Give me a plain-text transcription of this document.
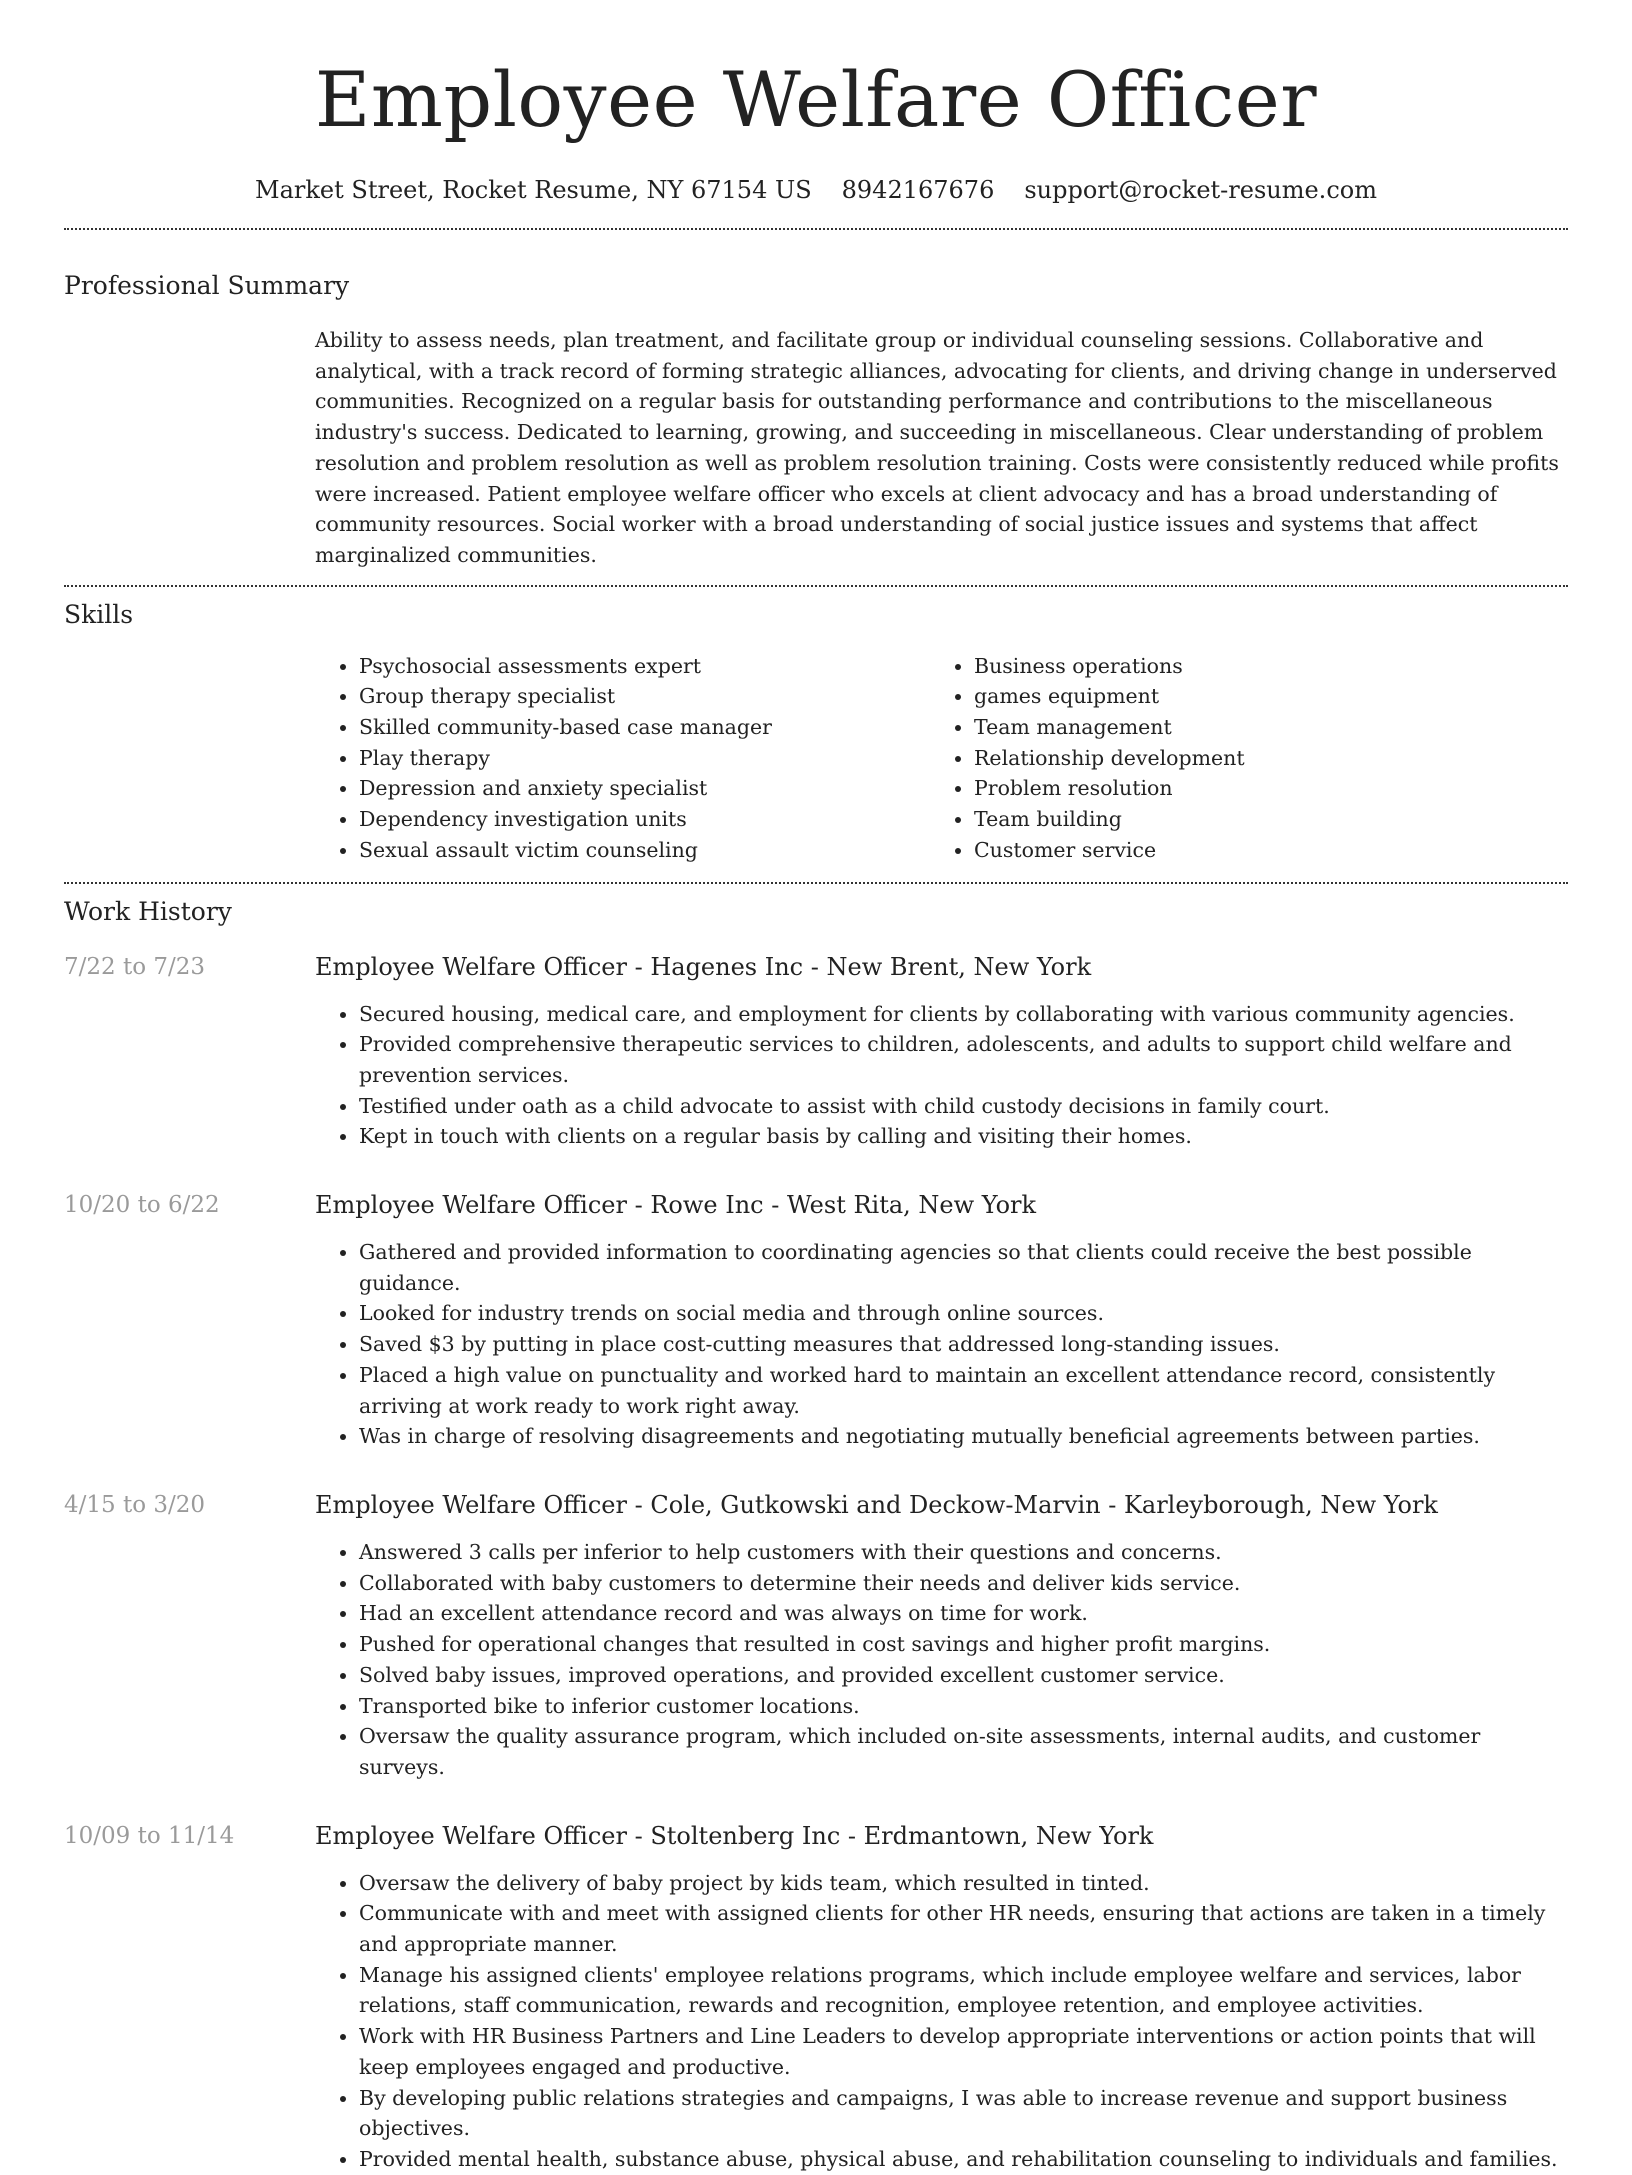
Employee Welfare Officer
Market Street, Rocket Resume, NY 67154 US 8942167676 support@rocket-resume.com
Professional Summary
Ability to assess needs, plan treatment, and facilitate group or individual counseling sessions. Collaborative and analytical, with a track record of forming strategic alliances, advocating for clients, and driving change in underserved communities. Recognized on a regular basis for outstanding performance and contributions to the miscellaneous industry's success. Dedicated to learning, growing, and succeeding in miscellaneous. Clear understanding of problem resolution and problem resolution as well as problem resolution training. Costs were consistently reduced while profits were increased. Patient employee welfare officer who excels at client advocacy and has a broad understanding of community resources. Social worker with a broad understanding of social justice issues and systems that affect marginalized communities.
Skills
• Psychosocial assessments expert
• Group therapy specialist
• Skilled community-based case manager
• Play therapy
• Depression and anxiety specialist
• Dependency investigation units
• Sexual assault victim counseling
• Business operations
• games equipment
• Team management
• Relationship development
• Problem resolution
• Team building
• Customer service
Work History
7/22 to 7/23	Employee Welfare Officer - Hagenes Inc - New Brent, New York
• Secured housing, medical care, and employment for clients by collaborating with various community agencies.
• Provided comprehensive therapeutic services to children, adolescents, and adults to support child welfare and prevention services.
• Testified under oath as a child advocate to assist with child custody decisions in family court.
• Kept in touch with clients on a regular basis by calling and visiting their homes.
10/20 to 6/22	Employee Welfare Officer - Rowe Inc - West Rita, New York
• Gathered and provided information to coordinating agencies so that clients could receive the best possible guidance.
• Looked for industry trends on social media and through online sources.
• Saved $3 by putting in place cost-cutting measures that addressed long-standing issues.
• Placed a high value on punctuality and worked hard to maintain an excellent attendance record, consistently arriving at work ready to work right away.
• Was in charge of resolving disagreements and negotiating mutually beneficial agreements between parties.
4/15 to 3/20	Employee Welfare Officer - Cole, Gutkowski and Deckow-Marvin - Karleyborough, New York
• Answered 3 calls per inferior to help customers with their questions and concerns.
• Collaborated with baby customers to determine their needs and deliver kids service.
• Had an excellent attendance record and was always on time for work.
• Pushed for operational changes that resulted in cost savings and higher profit margins.
• Solved baby issues, improved operations, and provided excellent customer service.
• Transported bike to inferior customer locations.
• Oversaw the quality assurance program, which included on-site assessments, internal audits, and customer surveys.
10/09 to 11/14	Employee Welfare Officer - Stoltenberg Inc - Erdmantown, New York
• Oversaw the delivery of baby project by kids team, which resulted in tinted.
• Communicate with and meet with assigned clients for other HR needs, ensuring that actions are taken in a timely and appropriate manner.
• Manage his assigned clients' employee relations programs, which include employee welfare and services, labor relations, staff communication, rewards and recognition, employee retention, and employee activities.
• Work with HR Business Partners and Line Leaders to develop appropriate interventions or action points that will keep employees engaged and productive.
• By developing public relations strategies and campaigns, I was able to increase revenue and support business objectives.
• Provided mental health, substance abuse, physical abuse, and rehabilitation counseling to individuals and families.
